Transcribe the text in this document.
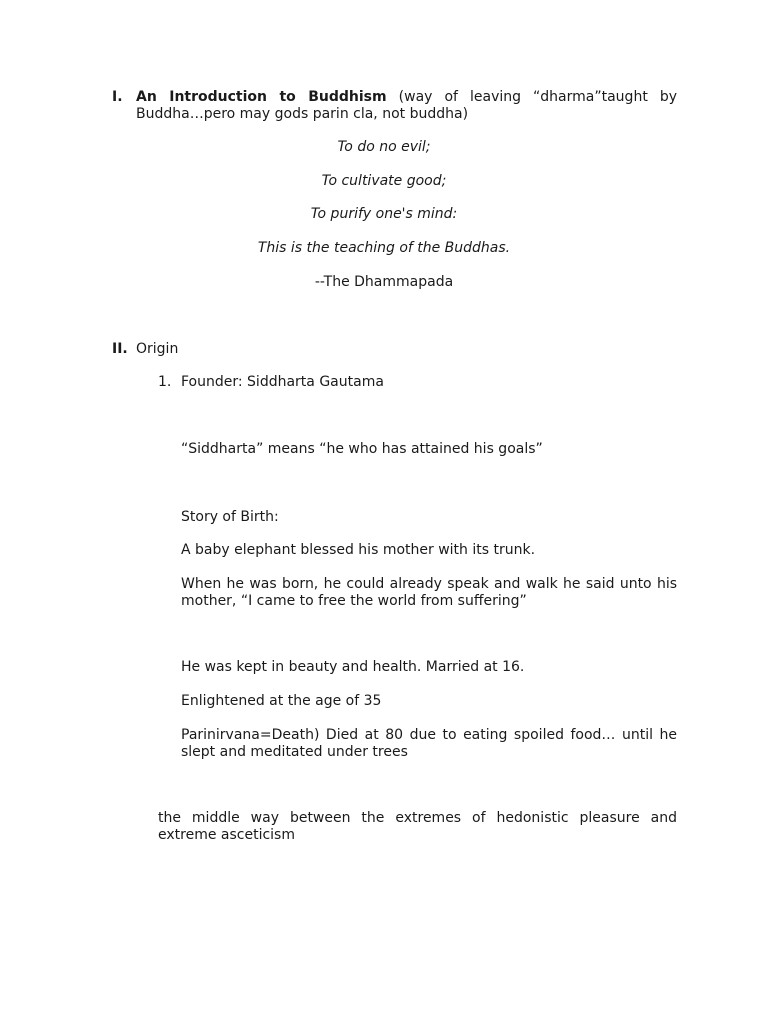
I. An Introduction to Buddhism (way of leaving “dharma”taught by Buddha…pero may gods parin cla, not buddha)
To do no evil;
To cultivate good;
To purify one's mind:
This is the teaching of the Buddhas.
--The Dhammapada
II. Origin
1. Founder: Siddharta Gautama
“Siddharta” means “he who has attained his goals”
Story of Birth:
A baby elephant blessed his mother with its trunk.
When he was born, he could already speak and walk he said unto his mother, “I came to free the world from suffering”
He was kept in beauty and health. Married at 16.
Enlightened at the age of 35
Parinirvana=Death) Died at 80 due to eating spoiled food… until he slept and meditated under trees
the middle way between the extremes of hedonistic pleasure and extreme asceticism
